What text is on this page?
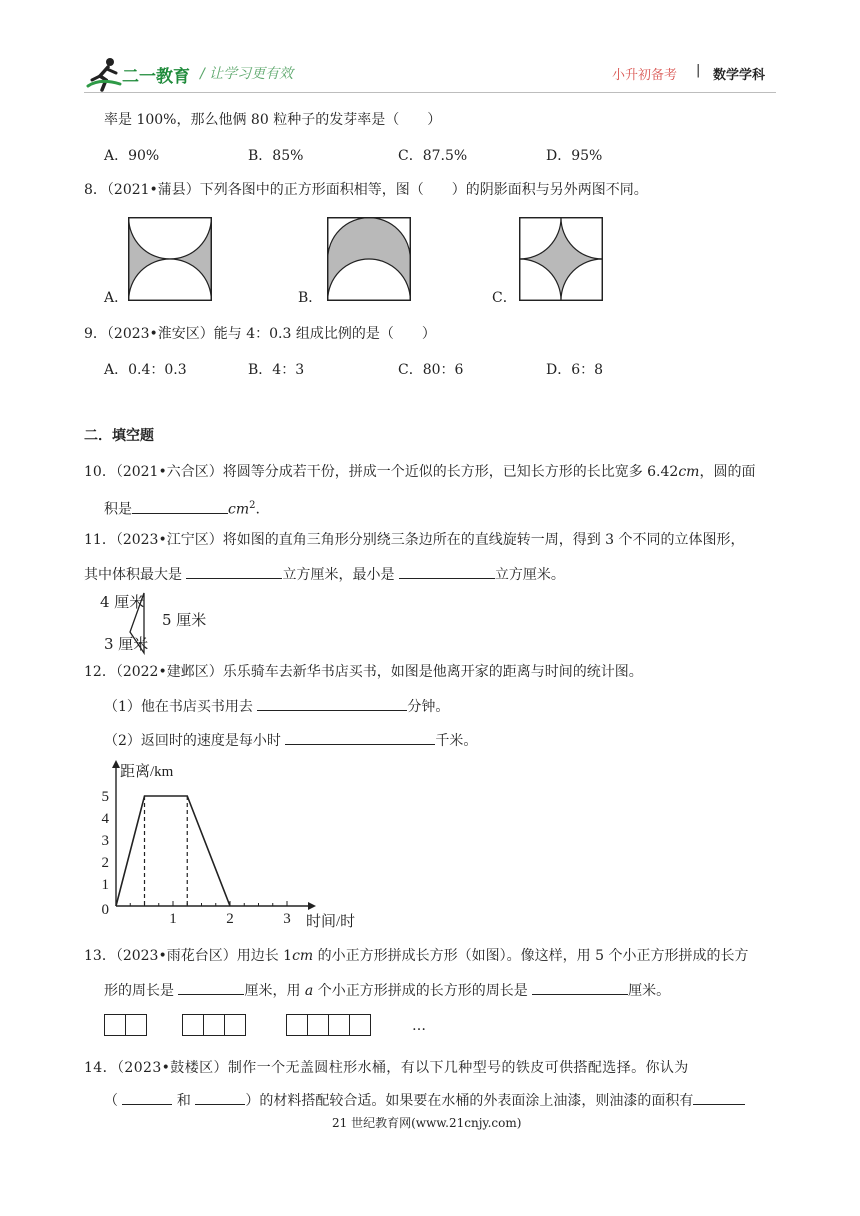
二一教育 / 让学习更有效	小升初备考 | 数学学科
率是 100%，那么他俩 80 粒种子的发芽率是（　　）
A．90%	B．85%	C．87.5%	D．95%
8．（2021•蒲县）下列各图中的正方形面积相等，图（　　）的阴影面积与另外两图不同。
A．	B．	C．
9．（2023•淮安区）能与 4：0.3 组成比例的是（　　）
A．0.4：0.3	B．4：3	C．80：6	D．6：8
二．填空题
10．（2021•六合区）将圆等分成若干份，拼成一个近似的长方形，已知长方形的长比宽多 6.42cm，圆的面
积是	$cm^2$.
11．（2023•江宁区）将如图的直角三角形分别绕三条边所在的直线旋转一周，得到 3 个不同的立体图形，
其中体积最大是	立方厘米，最小是	立方厘米。
4 厘米
5 厘米
3 厘米
12．（2022•建邺区）乐乐骑车去新华书店买书，如图是他离开家的距离与时间的统计图。
（1）他在书店买书用去	分钟。
（2）返回时的速度是每小时	千米。
距离/km
时间/时
1
2
3
4
5
0
1	2	3
13．（2023•雨花台区）用边长 1cm 的小正方形拼成长方形（如图）。像这样，用 5 个小正方形拼成的长方
形的周长是	厘米，用 a 个小正方形拼成的长方形的周长是	厘米。
…
14．（2023•鼓楼区）制作一个无盖圆柱形水桶，有以下几种型号的铁皮可供搭配选择。你认为
（	和	）的材料搭配较合适。如果要在水桶的外表面涂上油漆，则油漆的面积有
21 世纪教育网(www.21cnjy.com)
